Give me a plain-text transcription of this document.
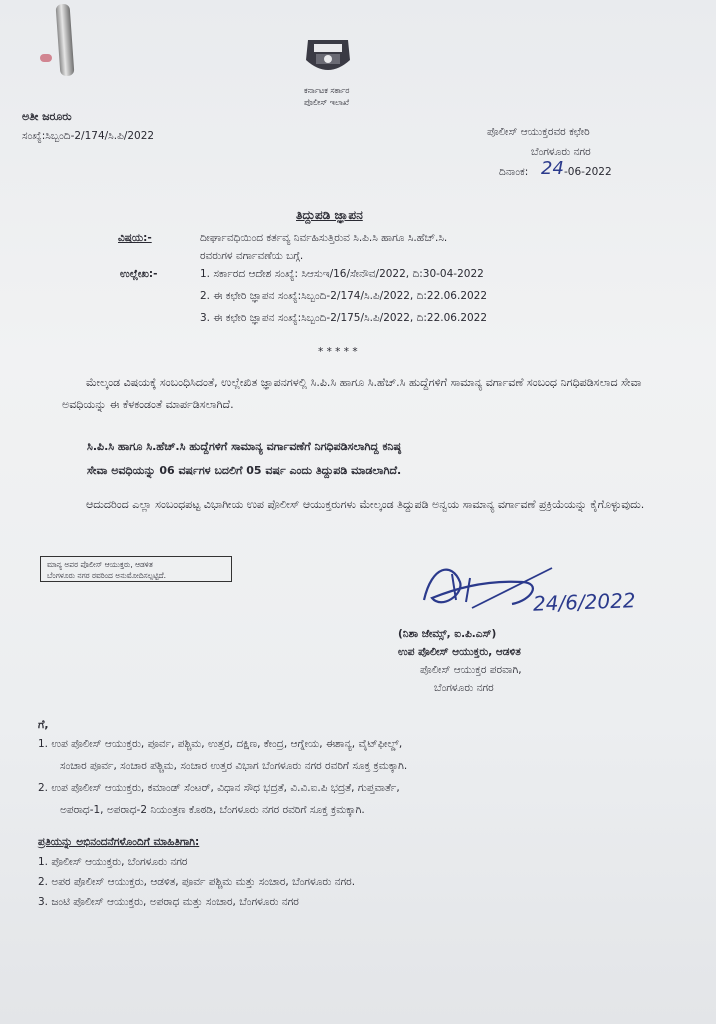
ಕರ್ನಾಟಕ ಸರ್ಕಾರ
ಪೊಲೀಸ್ ಇಲಾಖೆ
ಅತೀ ಜರೂರು
ಸಂಖ್ಯೆ:ಸಿಬ್ಬಂದಿ-2/174/ಸಿ.ಪಿ/2022	ಪೊಲೀಸ್ ಆಯುಕ್ತರವರ ಕಛೇರಿ
ಬೆಂಗಳೂರು ನಗರ
ದಿನಾಂಕ: 24 -06-2022
ತಿದ್ದುಪಡಿ ಜ್ಞಾಪನ
ವಿಷಯ:-	ದೀರ್ಘಾವಧಿಯಿಂದ ಕರ್ತವ್ಯ ನಿರ್ವಹಿಸುತ್ತಿರುವ ಸಿ.ಪಿ.ಸಿ ಹಾಗೂ ಸಿ.ಹೆಚ್.ಸಿ.
ರವರುಗಳ ವರ್ಗಾವಣೆಯ ಬಗ್ಗೆ.
ಉಲ್ಲೇಖ:-	1. ಸರ್ಕಾರದ ಆದೇಶ ಸಂಖ್ಯೆ: ಸಿಆಸುಇ/16/ಸೇನೌವ/2022, ದಿ:30-04-2022
2. ಈ ಕಛೇರಿ ಜ್ಞಾಪನ ಸಂಖ್ಯೆ:ಸಿಬ್ಬಂದಿ-2/174/ಸಿ.ಪಿ/2022, ದಿ:22.06.2022
3. ಈ ಕಛೇರಿ ಜ್ಞಾಪನ ಸಂಖ್ಯೆ:ಸಿಬ್ಬಂದಿ-2/175/ಸಿ.ಪಿ/2022, ದಿ:22.06.2022
* * * * *
ಮೇಲ್ಕಂಡ ವಿಷಯಕ್ಕೆ ಸಂಬಂಧಿಸಿದಂತೆ, ಉಲ್ಲೇಖಿತ ಜ್ಞಾಪನಗಳಲ್ಲಿ ಸಿ.ಪಿ.ಸಿ ಹಾಗೂ ಸಿ.ಹೆಚ್.ಸಿ ಹುದ್ದೆಗಳಿಗೆ ಸಾಮಾನ್ಯ ವರ್ಗಾವಣೆ ಸಂಬಂಧ ನಿಗಧಿಪಡಿಸಲಾದ ಸೇವಾ ಅವಧಿಯನ್ನು ಈ ಕೆಳಕಂಡಂತೆ ಮಾರ್ಪಡಿಸಲಾಗಿದೆ.
ಸಿ.ಪಿ.ಸಿ ಹಾಗೂ ಸಿ.ಹೆಚ್.ಸಿ ಹುದ್ದೆಗಳಿಗೆ ಸಾಮಾನ್ಯ ವರ್ಗಾವಣೆಗೆ ನಿಗಧಿಪಡಿಸಲಾಗಿದ್ದ ಕನಿಷ್ಠ
ಸೇವಾ ಅವಧಿಯನ್ನು 06 ವರ್ಷಗಳ ಬದಲಿಗೆ 05 ವರ್ಷ ಎಂದು ತಿದ್ದುಪಡಿ ಮಾಡಲಾಗಿದೆ.
ಆದುದರಿಂದ ಎಲ್ಲಾ ಸಂಬಂಧಪಟ್ಟ ವಿಭಾಗೀಯ ಉಪ ಪೊಲೀಸ್ ಆಯುಕ್ತರುಗಳು ಮೇಲ್ಕಂಡ ತಿದ್ದುಪಡಿ ಅನ್ವಯ ಸಾಮಾನ್ಯ ವರ್ಗಾವಣೆ ಪ್ರಕ್ರಿಯೆಯನ್ನು ಕೈಗೊಳ್ಳುವುದು.
ಮಾನ್ಯ ಅಪರ ಪೊಲೀಸ್ ಆಯುಕ್ತರು, ಆಡಳಿತ
ಬೆಂಗಳೂರು ನಗರ ರವರಿಂದ ಅನುಮೋದಿಸಲ್ಪಟ್ಟಿದೆ.
24/6/2022
(ನಿಶಾ ಜೇಮ್ಸ್, ಐ.ಪಿ.ಎಸ್)
ಉಪ ಪೊಲೀಸ್ ಆಯುಕ್ತರು, ಆಡಳಿತ
ಪೊಲೀಸ್ ಆಯುಕ್ತರ ಪರವಾಗಿ,
ಬೆಂಗಳೂರು ನಗರ
ಗೆ,
1. ಉಪ ಪೊಲೀಸ್ ಆಯುಕ್ತರು, ಪೂರ್ವ, ಪಶ್ಚಿಮ, ಉತ್ತರ, ದಕ್ಷಿಣ, ಕೇಂದ್ರ, ಆಗ್ನೇಯ, ಈಶಾನ್ಯ, ವೈಟ್‌ಫೀಲ್ಡ್,
ಸಂಚಾರ ಪೂರ್ವ, ಸಂಚಾರ ಪಶ್ಚಿಮ, ಸಂಚಾರ ಉತ್ತರ ವಿಭಾಗ ಬೆಂಗಳೂರು ನಗರ ರವರಿಗೆ ಸೂಕ್ತ ಕ್ರಮಕ್ಕಾಗಿ.
2. ಉಪ ಪೊಲೀಸ್ ಆಯುಕ್ತರು, ಕಮಾಂಡ್ ಸೆಂಟರ್, ವಿಧಾನ ಸೌಧ ಭದ್ರತೆ, ವಿ.ವಿ.ಐ.ಪಿ ಭದ್ರತೆ, ಗುಪ್ತವಾರ್ತೆ,
ಅಪರಾಧ-1, ಅಪರಾಧ-2 ನಿಯಂತ್ರಣ ಕೊಠಡಿ, ಬೆಂಗಳೂರು ನಗರ ರವರಿಗೆ ಸೂಕ್ತ ಕ್ರಮಕ್ಕಾಗಿ.
ಪ್ರತಿಯನ್ನು ಅಭಿನಂದನೆಗಳೊಂದಿಗೆ ಮಾಹಿತಿಗಾಗಿ:
1. ಪೊಲೀಸ್ ಆಯುಕ್ತರು, ಬೆಂಗಳೂರು ನಗರ
2. ಅಪರ ಪೊಲೀಸ್ ಆಯುಕ್ತರು, ಆಡಳಿತ, ಪೂರ್ವ ಪಶ್ಚಿಮ ಮತ್ತು ಸಂಚಾರ, ಬೆಂಗಳೂರು ನಗರ.
3. ಜಂಟಿ ಪೊಲೀಸ್ ಆಯುಕ್ತರು, ಅಪರಾಧ ಮತ್ತು ಸಂಚಾರ, ಬೆಂಗಳೂರು ನಗರ
